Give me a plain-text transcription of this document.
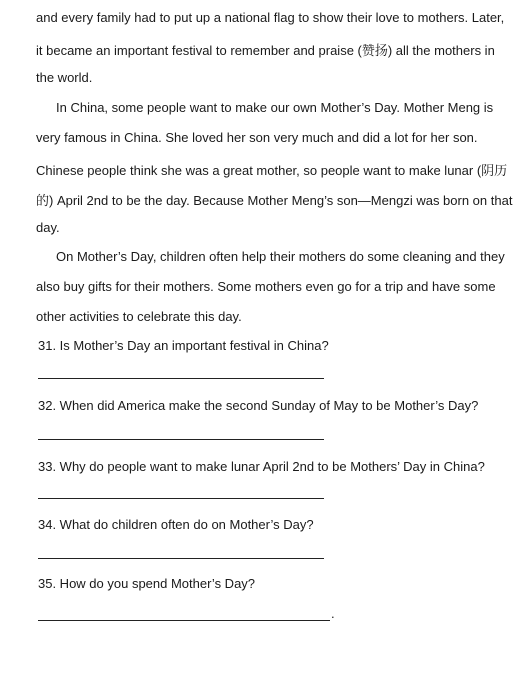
and every family had to put up a national flag to show their love to mothers. Later,
it became an important festival to remember and praise (赞扬) all the mothers in
the world.
In China, some people want to make our own Mother’s Day. Mother Meng is
very famous in China. She loved her son very much and did a lot for her son.
Chinese people think she was a great mother, so people want to make lunar (阴历
的) April 2nd to be the day. Because Mother Meng’s son—Mengzi was born on that
day.
On Mother’s Day, children often help their mothers do some cleaning and they
also buy gifts for their mothers. Some mothers even go for a trip and have some
other activities to celebrate this day.
31. Is Mother’s Day an important festival in China?
32. When did America make the second Sunday of May to be Mother’s Day?
33. Why do people want to make lunar April 2nd to be Mothers’ Day in China?
34. What do children often do on Mother’s Day?
35. How do you spend Mother’s Day?
.
